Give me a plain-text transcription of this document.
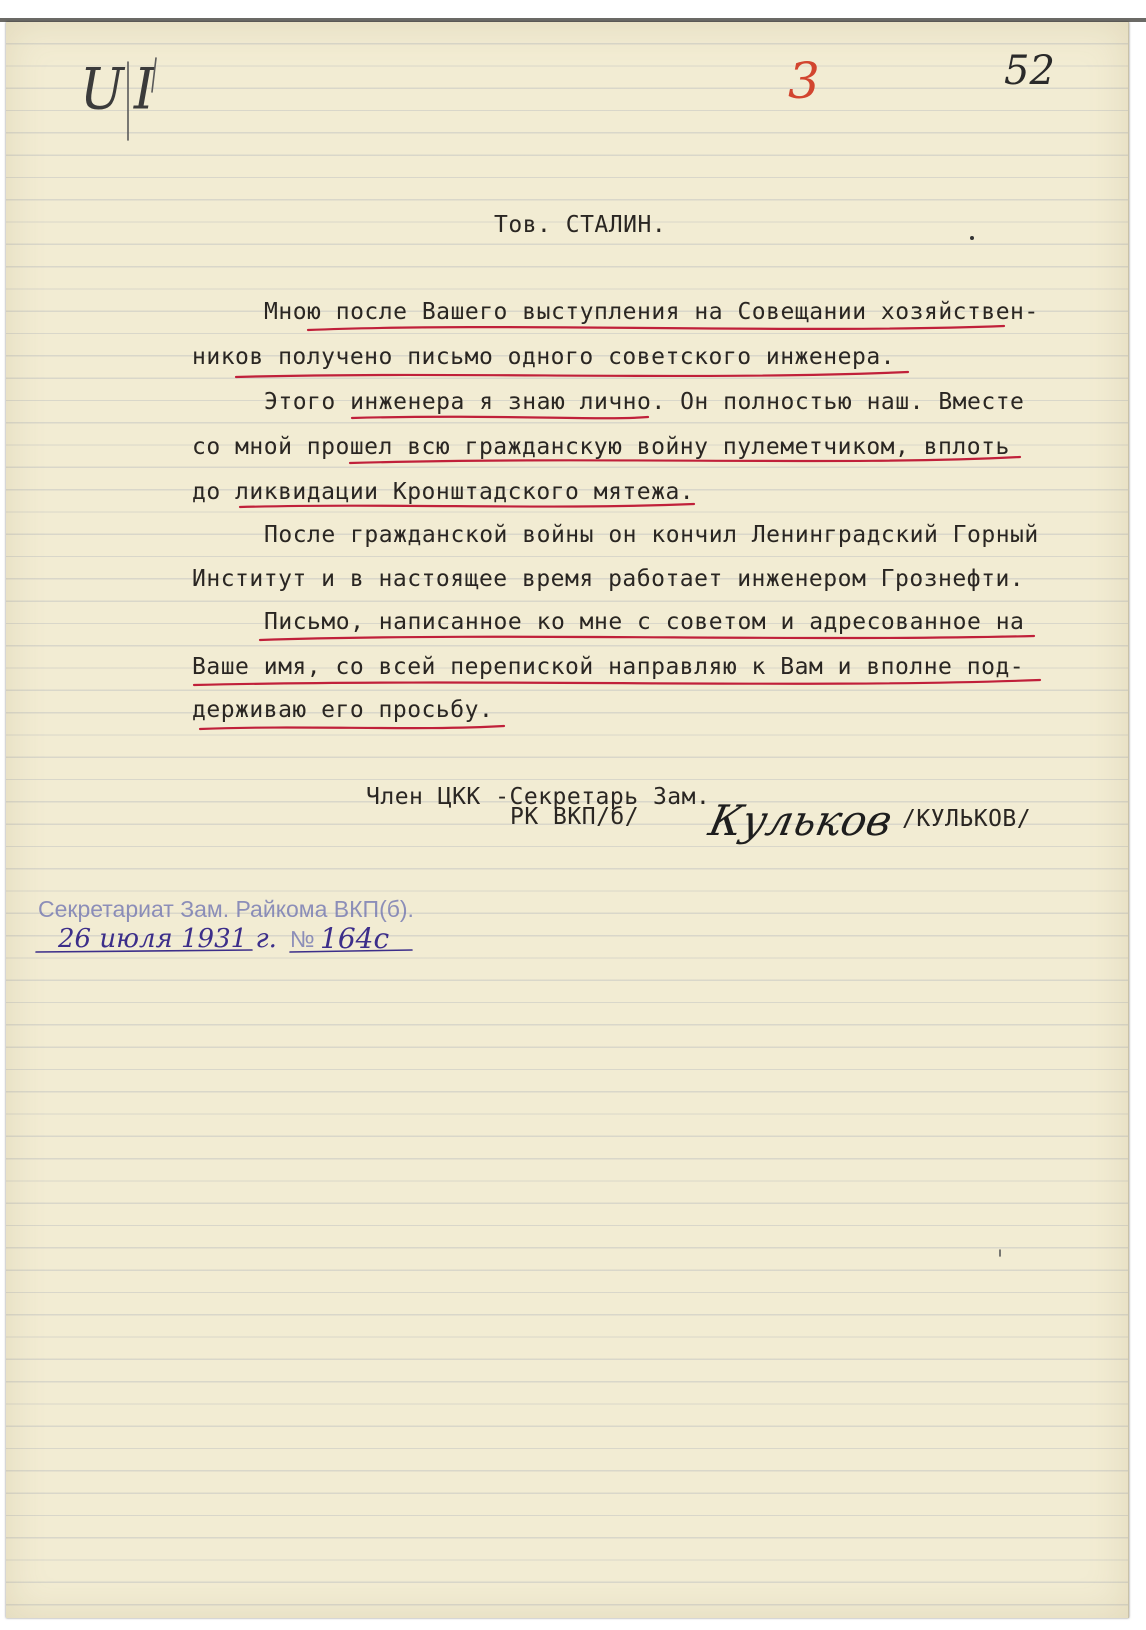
UI	3	52
Тов. СТАЛИН.
Мною после Вашего выступления на Совещании хозяйствен-
ников получено письмо одного советского инженера.
Этого инженера я знаю лично. Он полностью наш. Вместе
со мной прошел всю гражданскую войну пулеметчиком, вплоть
до ликвидации Кронштадского мятежа.
После гражданской войны он кончил Ленинградский Горный
Институт и в настоящее время работает инженером Грознефти.
Письмо, написанное ко мне с советом и адресованное на
Ваше имя, со всей перепиской направляю к Вам и вполне под-
держиваю его просьбу.
Член ЦКК -Секретарь Зам.
РК ВКП/б/ Кульков /КУЛЬКОВ/
Секретариат Зам. Райкома ВКП(б).
26 июля 1931 г. № 164с
